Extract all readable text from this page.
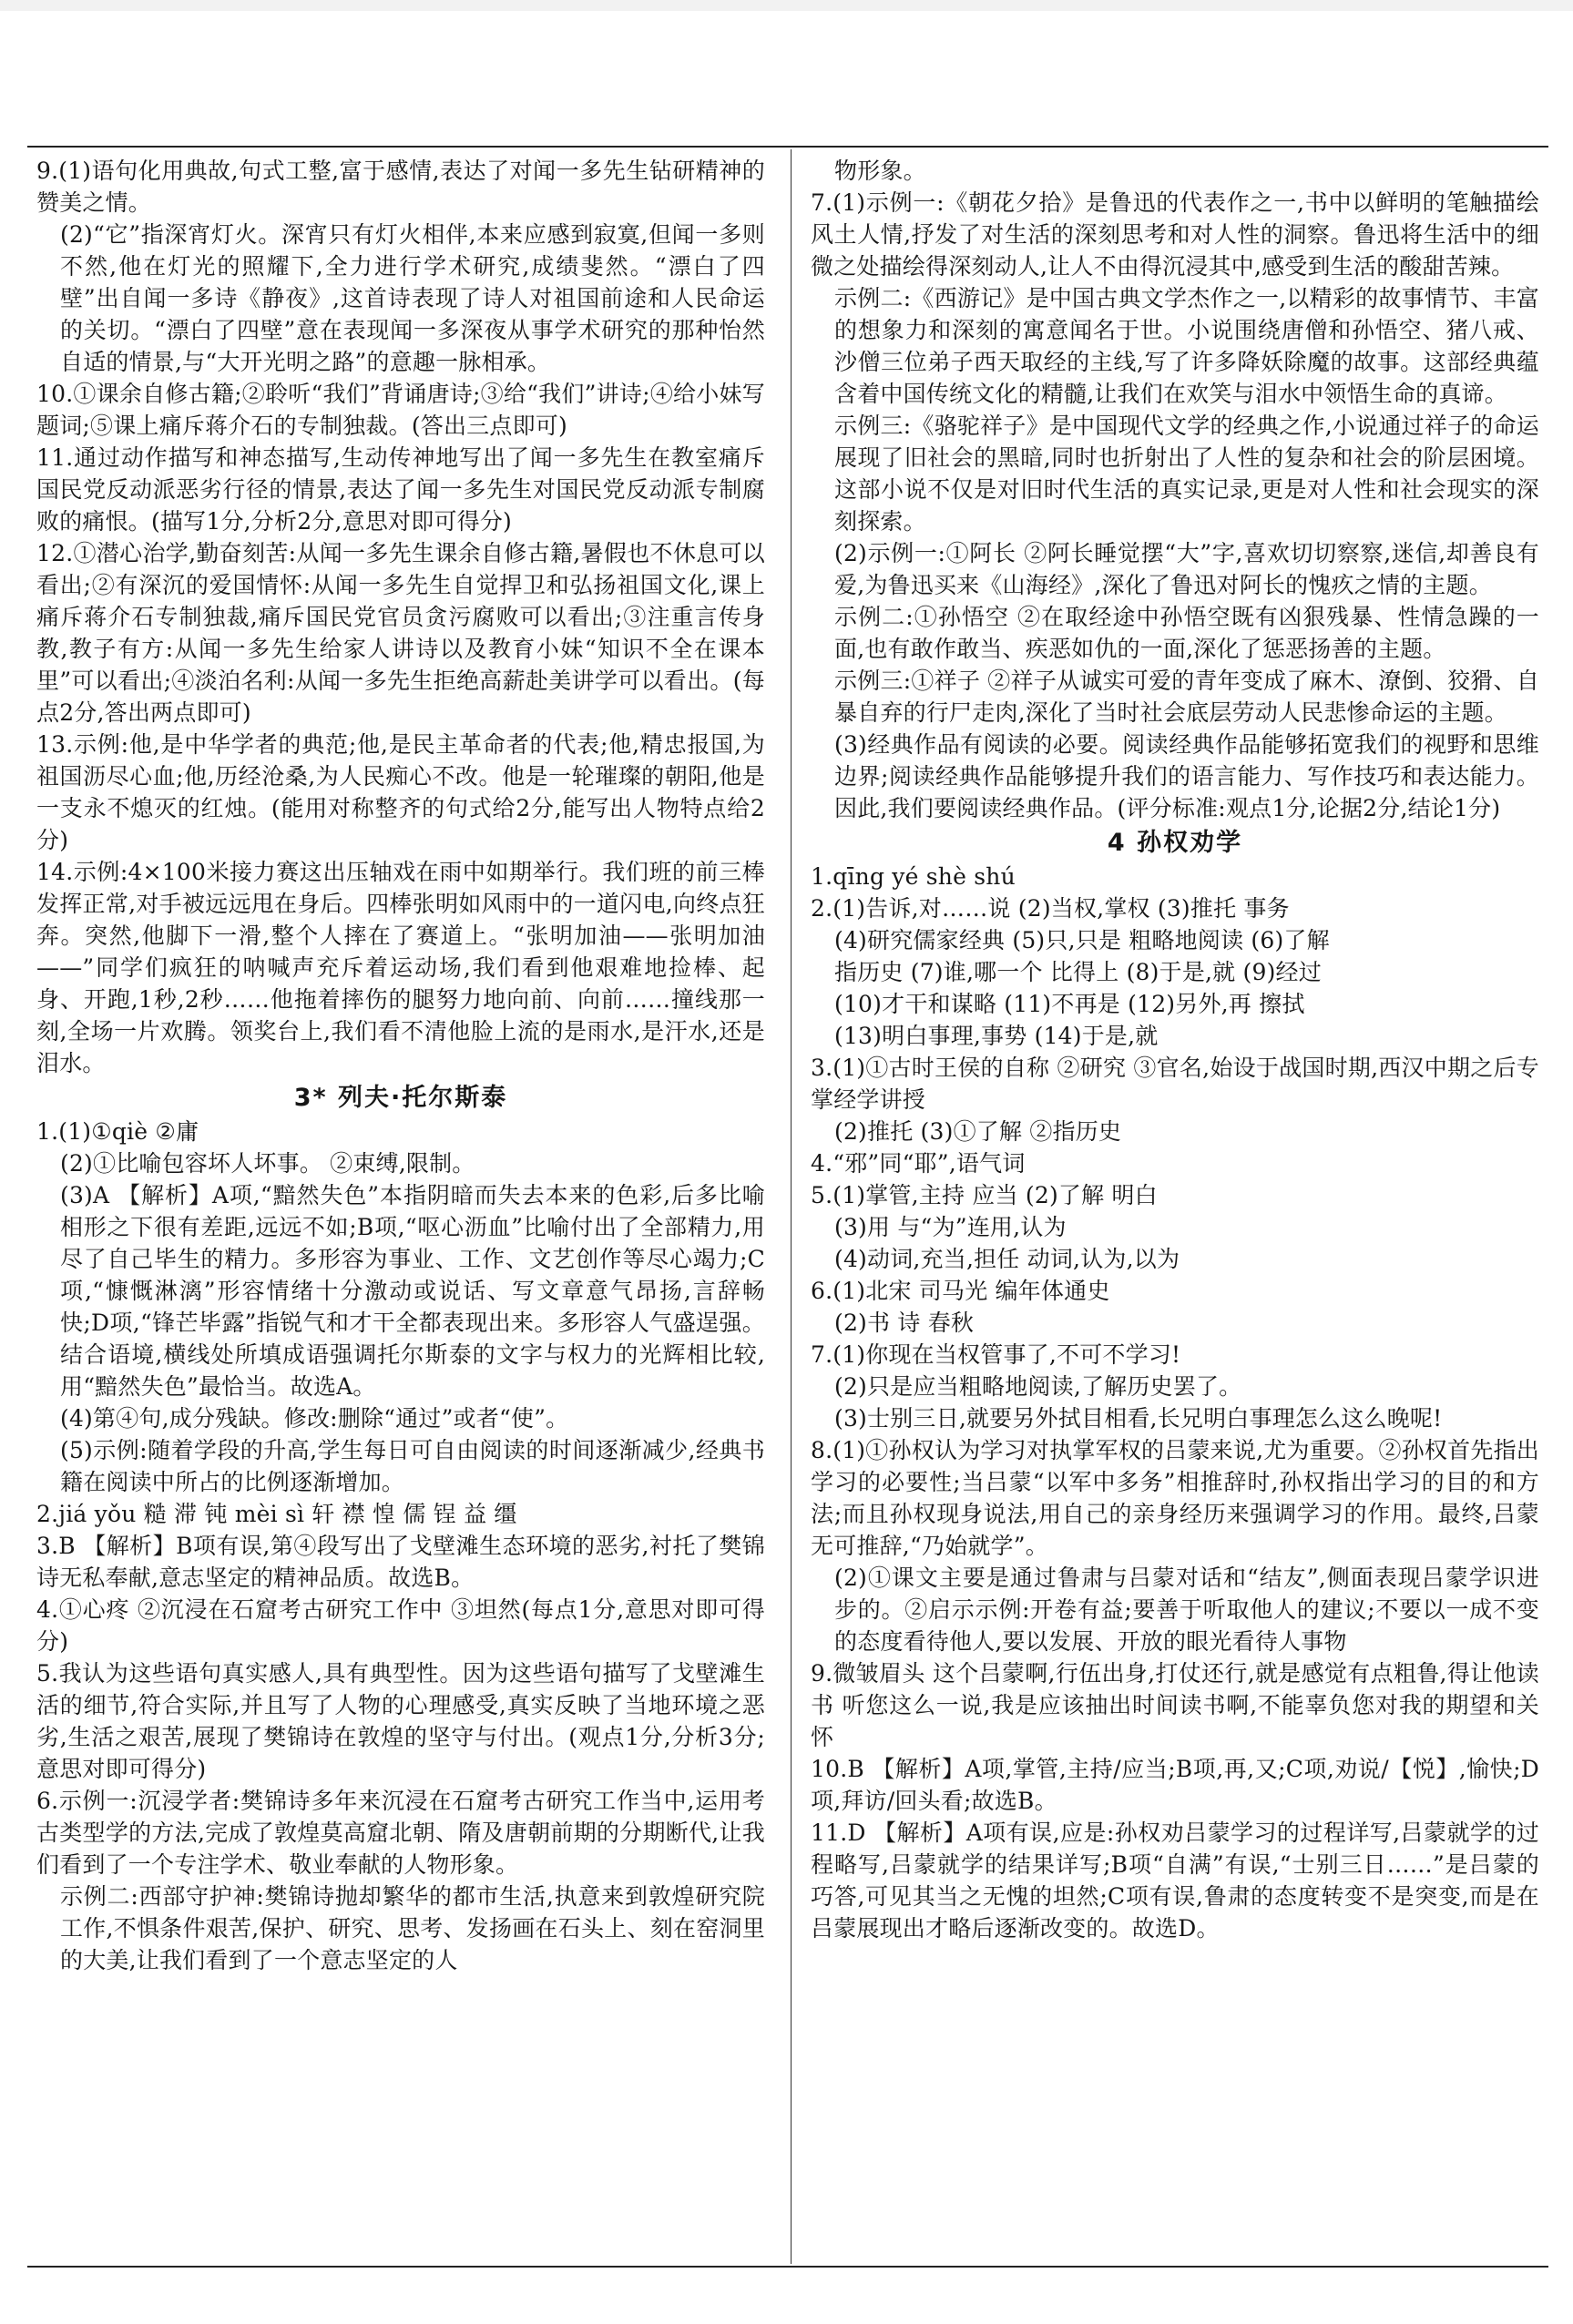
9.(1)语句化用典故,句式工整,富于感情,表达了对闻一多先生钻研精神的赞美之情。

(2)“它”指深宵灯火。深宵只有灯火相伴,本来应感到寂寞,但闻一多则不然,他在灯光的照耀下,全力进行学术研究,成绩斐然。“漂白了四壁”出自闻一多诗《静夜》,这首诗表现了诗人对祖国前途和人民命运的关切。“漂白了四壁”意在表现闻一多深夜从事学术研究的那种怡然自适的情景,与“大开光明之路”的意趣一脉相承。

10.①课余自修古籍;②聆听“我们”背诵唐诗;③给“我们”讲诗;④给小妹写题词;⑤课上痛斥蒋介石的专制独裁。(答出三点即可)

11.通过动作描写和神态描写,生动传神地写出了闻一多先生在教室痛斥国民党反动派恶劣行径的情景,表达了闻一多先生对国民党反动派专制腐败的痛恨。(描写1分,分析2分,意思对即可得分)

12.①潜心治学,勤奋刻苦:从闻一多先生课余自修古籍,暑假也不休息可以看出;②有深沉的爱国情怀:从闻一多先生自觉捍卫和弘扬祖国文化,课上痛斥蒋介石专制独裁,痛斥国民党官员贪污腐败可以看出;③注重言传身教,教子有方:从闻一多先生给家人讲诗以及教育小妹“知识不全在课本里”可以看出;④淡泊名利:从闻一多先生拒绝高薪赴美讲学可以看出。(每点2分,答出两点即可)

13.示例:他,是中华学者的典范;他,是民主革命者的代表;他,精忠报国,为祖国沥尽心血;他,历经沧桑,为人民痴心不改。他是一轮璀璨的朝阳,他是一支永不熄灭的红烛。(能用对称整齐的句式给2分,能写出人物特点给2分)

14.示例:4×100米接力赛这出压轴戏在雨中如期举行。我们班的前三棒发挥正常,对手被远远甩在身后。四棒张明如风雨中的一道闪电,向终点狂奔。突然,他脚下一滑,整个人摔在了赛道上。“张明加油——张明加油——”同学们疯狂的呐喊声充斥着运动场,我们看到他艰难地捡棒、起身、开跑,1秒,2秒……他拖着摔伤的腿努力地向前、向前……撞线那一刻,全场一片欢腾。领奖台上,我们看不清他脸上流的是雨水,是汗水,还是泪水。

3* 列夫·托尔斯泰

1.(1)①qiè ②庸

(2)①比喻包容坏人坏事。 ②束缚,限制。

(3)A 【解析】A项,“黯然失色”本指阴暗而失去本来的色彩,后多比喻相形之下很有差距,远远不如;B项,“呕心沥血”比喻付出了全部精力,用尽了自己毕生的精力。多形容为事业、工作、文艺创作等尽心竭力;C项,“慷慨淋漓”形容情绪十分激动或说话、写文章意气昂扬,言辞畅快;D项,“锋芒毕露”指锐气和才干全都表现出来。多形容人气盛逞强。结合语境,横线处所填成语强调托尔斯泰的文字与权力的光辉相比较,用“黯然失色”最恰当。故选A。

(4)第④句,成分残缺。修改:删除“通过”或者“使”。

(5)示例:随着学段的升高,学生每日可自由阅读的时间逐渐减少,经典书籍在阅读中所占的比例逐渐增加。

2.jiá yǒu 糙 滞 钝 mèi sì 轩 襟 惶 儒 锃 益 缰

3.B 【解析】B项有误,第④段写出了戈壁滩生态环境的恶劣,衬托了樊锦诗无私奉献,意志坚定的精神品质。故选B。

4.①心疼 ②沉浸在石窟考古研究工作中 ③坦然(每点1分,意思对即可得分)

5.我认为这些语句真实感人,具有典型性。因为这些语句描写了戈壁滩生活的细节,符合实际,并且写了人物的心理感受,真实反映了当地环境之恶劣,生活之艰苦,展现了樊锦诗在敦煌的坚守与付出。(观点1分,分析3分;意思对即可得分)

6.示例一:沉浸学者:樊锦诗多年来沉浸在石窟考古研究工作当中,运用考古类型学的方法,完成了敦煌莫高窟北朝、隋及唐朝前期的分期断代,让我们看到了一个专注学术、敬业奉献的人物形象。

示例二:西部守护神:樊锦诗抛却繁华的都市生活,执意来到敦煌研究院工作,不惧条件艰苦,保护、研究、思考、发扬画在石头上、刻在窑洞里的大美,让我们看到了一个意志坚定的人

物形象。

7.(1)示例一:《朝花夕拾》是鲁迅的代表作之一,书中以鲜明的笔触描绘风土人情,抒发了对生活的深刻思考和对人性的洞察。鲁迅将生活中的细微之处描绘得深刻动人,让人不由得沉浸其中,感受到生活的酸甜苦辣。

示例二:《西游记》是中国古典文学杰作之一,以精彩的故事情节、丰富的想象力和深刻的寓意闻名于世。小说围绕唐僧和孙悟空、猪八戒、沙僧三位弟子西天取经的主线,写了许多降妖除魔的故事。这部经典蕴含着中国传统文化的精髓,让我们在欢笑与泪水中领悟生命的真谛。

示例三:《骆驼祥子》是中国现代文学的经典之作,小说通过祥子的命运展现了旧社会的黑暗,同时也折射出了人性的复杂和社会的阶层困境。这部小说不仅是对旧时代生活的真实记录,更是对人性和社会现实的深刻探索。

(2)示例一:①阿长 ②阿长睡觉摆“大”字,喜欢切切察察,迷信,却善良有爱,为鲁迅买来《山海经》,深化了鲁迅对阿长的愧疚之情的主题。

示例二:①孙悟空 ②在取经途中孙悟空既有凶狠残暴、性情急躁的一面,也有敢作敢当、疾恶如仇的一面,深化了惩恶扬善的主题。

示例三:①祥子 ②祥子从诚实可爱的青年变成了麻木、潦倒、狡猾、自暴自弃的行尸走肉,深化了当时社会底层劳动人民悲惨命运的主题。

(3)经典作品有阅读的必要。阅读经典作品能够拓宽我们的视野和思维边界;阅读经典作品能够提升我们的语言能力、写作技巧和表达能力。因此,我们要阅读经典作品。(评分标准:观点1分,论据2分,结论1分)

4 孙权劝学

1.qīng yé shè shú

2.(1)告诉,对……说 (2)当权,掌权 (3)推托 事务

(4)研究儒家经典 (5)只,只是 粗略地阅读 (6)了解

指历史 (7)谁,哪一个 比得上 (8)于是,就 (9)经过

(10)才干和谋略 (11)不再是 (12)另外,再 擦拭

(13)明白事理,事势 (14)于是,就

3.(1)①古时王侯的自称 ②研究 ③官名,始设于战国时期,西汉中期之后专掌经学讲授

(2)推托 (3)①了解 ②指历史

4.“邪”同“耶”,语气词

5.(1)掌管,主持 应当 (2)了解 明白

(3)用 与“为”连用,认为

(4)动词,充当,担任 动词,认为,以为

6.(1)北宋 司马光 编年体通史

(2)书 诗 春秋

7.(1)你现在当权管事了,不可不学习!

(2)只是应当粗略地阅读,了解历史罢了。

(3)士别三日,就要另外拭目相看,长兄明白事理怎么这么晚呢!

8.(1)①孙权认为学习对执掌军权的吕蒙来说,尤为重要。②孙权首先指出学习的必要性;当吕蒙“以军中多务”相推辞时,孙权指出学习的目的和方法;而且孙权现身说法,用自己的亲身经历来强调学习的作用。最终,吕蒙无可推辞,“乃始就学”。

(2)①课文主要是通过鲁肃与吕蒙对话和“结友”,侧面表现吕蒙学识进步的。②启示示例:开卷有益;要善于听取他人的建议;不要以一成不变的态度看待他人,要以发展、开放的眼光看待人事物

9.微皱眉头 这个吕蒙啊,行伍出身,打仗还行,就是感觉有点粗鲁,得让他读书 听您这么一说,我是应该抽出时间读书啊,不能辜负您对我的期望和关怀

10.B 【解析】A项,掌管,主持/应当;B项,再,又;C项,劝说/【悦】,愉快;D项,拜访/回头看;故选B。

11.D 【解析】A项有误,应是:孙权劝吕蒙学习的过程详写,吕蒙就学的过程略写,吕蒙就学的结果详写;B项“自满”有误,“士别三日……”是吕蒙的巧答,可见其当之无愧的坦然;C项有误,鲁肃的态度转变不是突变,而是在吕蒙展现出才略后逐渐改变的。故选D。
